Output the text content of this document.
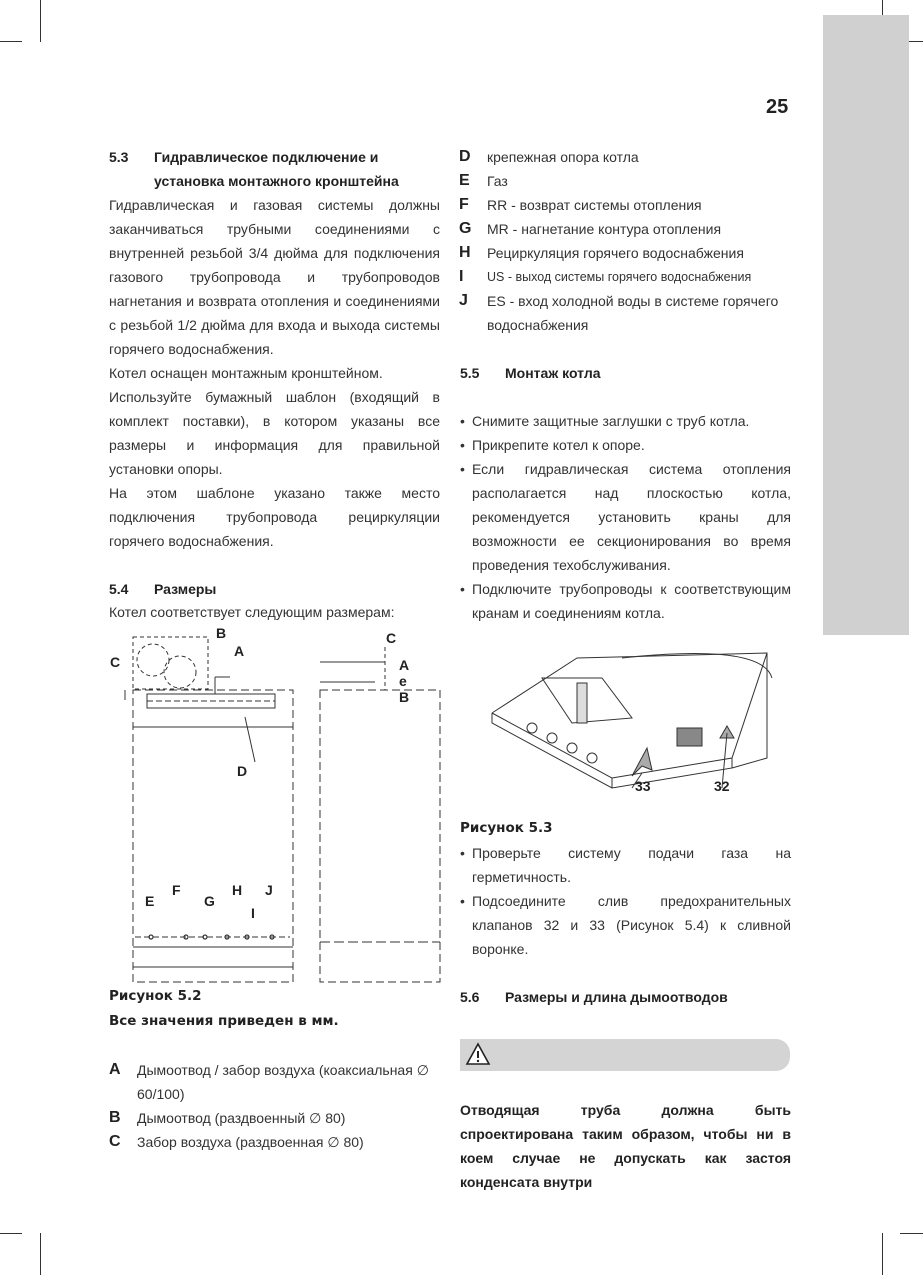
25
5.3 Гидравлическое подключение и
установка монтажного кронштейна
Гидравлическая и газовая системы должны заканчиваться трубными соединениями с внутренней резьбой 3/4 дюйма для подключения газового трубопровода и трубопроводов нагнетания и возврата отопления и соединениями с резьбой 1/2 дюйма для входа и выхода системы горячего водоснабжения.
Котел оснащен монтажным кронштейном.
Используйте бумажный шаблон (входящий в комплект поставки), в котором указаны все размеры и информация для правильной установки опоры.
На этом шаблоне указано также место подключения трубопровода рециркуляции горячего водоснабжения.
5.4 Размеры
Котел соответствует следующим размерам:
B
A
C
D
E
F
G
H
I
J
C
A e B
Рисунок 5.2
Все значения приведен в мм.
A	Дымоотвод / забор воздуха (коаксиальная ∅ 60/100)
B	Дымоотвод (раздвоенный ∅ 80)
C	Забор воздуха (раздвоенная ∅ 80)
D	крепежная опора котла
E	Газ
F	RR - возврат системы отопления
G	MR - нагнетание контура отопления
H	Рециркуляция горячего водоснабжения
I	US - выход системы горячего водоснабжения
J	ES - вход холодной воды в системе горячего водоснабжения
5.5 Монтаж котла
• Снимите защитные заглушки с труб котла.
• Прикрепите котел к опоре.
• Если гидравлическая система отопления располагается над плоскостью котла, рекомендуется установить краны для возможности ее секционирования во время проведения техобслуживания.
• Подключите трубопроводы к соответствующим кранам и соединениям котла.
33	32
Рисунок 5.3
• Проверьте систему подачи газа на герметичность.
• Подсоедините слив предохранительных клапанов 32 и 33 (Рисунок 5.4) к сливной воронке.
5.6 Размеры и длина дымоотводов
Отводящая труба должна быть спроектирована таким образом, чтобы ни в коем случае не допускать как застоя конденсата внутри
